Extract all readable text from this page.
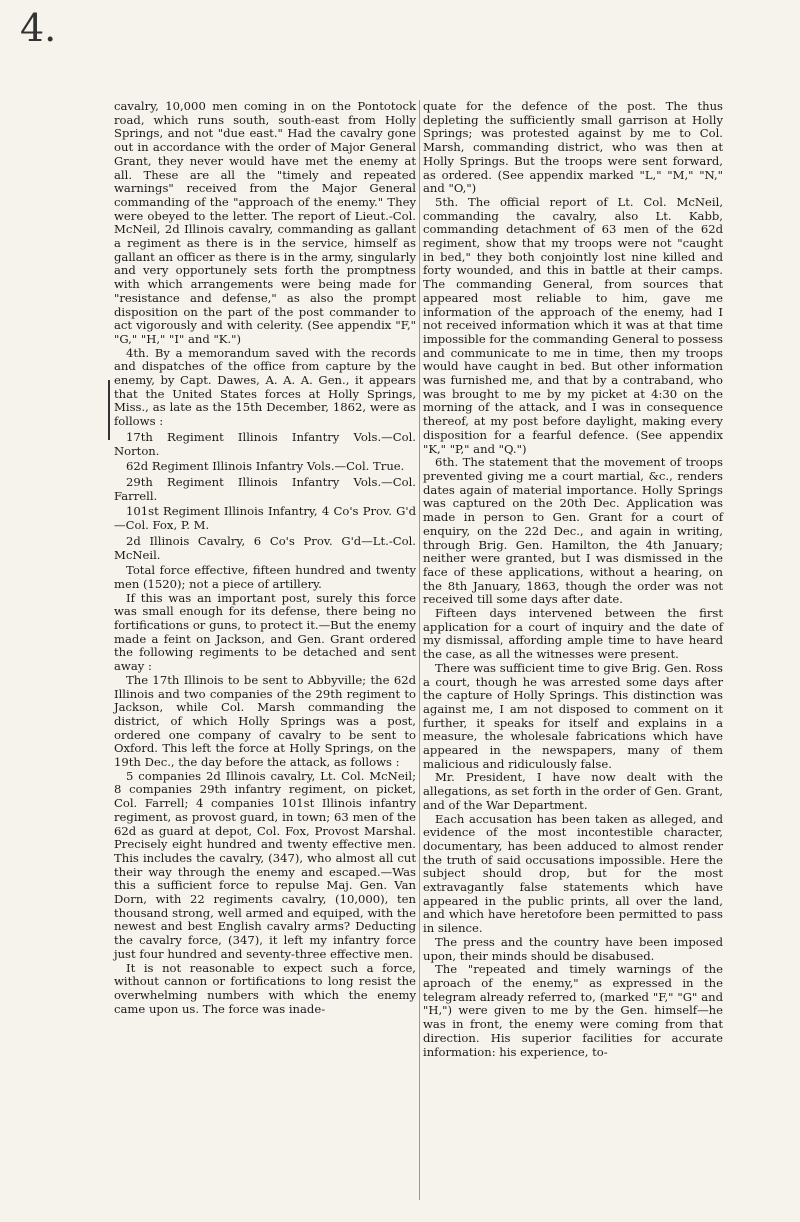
4.

cavalry, 10,000 men coming in on the Pontotock road, which runs south, south-east from Holly Springs, and not "due east." Had the cavalry gone out in accordance with the order of Major General Grant, they never would have met the enemy at all. These are all the "timely and repeated warnings" received from the Major General commanding of the "approach of the enemy." They were obeyed to the letter. The report of Lieut.-Col. McNeil, 2d Illinois cavalry, commanding as gallant a regiment as there is in the service, himself as gallant an officer as there is in the army, singularly and very opportunely sets forth the promptness with which arrangements were being made for "resistance and defense," as also the prompt disposition on the part of the post commander to act vigorously and with celerity. (See appendix "F," "G," "H," "I" and "K.")

4th. By a memorandum saved with the records and dispatches of the office from capture by the enemy, by Capt. Dawes, A. A. A. Gen., it appears that the United States forces at Holly Springs, Miss., as late as the 15th December, 1862, were as follows :

17th Regiment Illinois Infantry Vols.—Col. Norton.

62d Regiment Illinois Infantry Vols.—Col. True.

29th Regiment Illinois Infantry Vols.—Col. Farrell.

101st Regiment Illinois Infantry, 4 Co's Prov. G'd—Col. Fox, P. M.

2d Illinois Cavalry, 6 Co's Prov. G'd—Lt.-Col. McNeil.

Total force effective, fifteen hundred and twenty men (1520); not a piece of artillery.

If this was an important post, surely this force was small enough for its defense, there being no fortifications or guns, to protect it.—But the enemy made a feint on Jackson, and Gen. Grant ordered the following regiments to be detached and sent away :

The 17th Illinois to be sent to Abbyville; the 62d Illinois and two companies of the 29th regiment to Jackson, while Col. Marsh commanding the district, of which Holly Springs was a post, ordered one company of cavalry to be sent to Oxford. This left the force at Holly Springs, on the 19th Dec., the day before the attack, as follows :

5 companies 2d Illinois cavalry, Lt. Col. McNeil; 8 companies 29th infantry regiment, on picket, Col. Farrell; 4 companies 101st Illinois infantry regiment, as provost guard, in town; 63 men of the 62d as guard at depot, Col. Fox, Provost Marshal. Precisely eight hundred and twenty effective men. This includes the cavalry, (347), who almost all cut their way through the enemy and escaped.—Was this a sufficient force to repulse Maj. Gen. Van Dorn, with 22 regiments cavalry, (10,000), ten thousand strong, well armed and equiped, with the newest and best English cavalry arms? Deducting the cavalry force, (347), it left my infantry force just four hundred and seventy-three effective men.

It is not reasonable to expect such a force, without cannon or fortifications to long resist the overwhelming numbers with which the enemy came upon us. The force was inade-

quate for the defence of the post. The thus depleting the sufficiently small garrison at Holly Springs; was protested against by me to Col. Marsh, commanding district, who was then at Holly Springs. But the troops were sent forward, as ordered. (See appendix marked "L," "M," "N," and "O,")

5th. The official report of Lt. Col. McNeil, commanding the cavalry, also Lt. Kabb, commanding detachment of 63 men of the 62d regiment, show that my troops were not "caught in bed," they both conjointly lost nine killed and forty wounded, and this in battle at their camps. The commanding General, from sources that appeared most reliable to him, gave me information of the approach of the enemy, had I not received information which it was at that time impossible for the commanding General to possess and communicate to me in time, then my troops would have caught in bed. But other information was furnished me, and that by a contraband, who was brought to me by my picket at 4:30 on the morning of the attack, and I was in consequence thereof, at my post before daylight, making every disposition for a fearful defence. (See appendix "K," "P," and "Q.")

6th. The statement that the movement of troops prevented giving me a court martial, &c., renders dates again of material importance. Holly Springs was captured on the 20th Dec. Application was made in person to Gen. Grant for a court of enquiry, on the 22d Dec., and again in writing, through Brig. Gen. Hamilton, the 4th January; neither were granted, but I was dismissed in the face of these applications, without a hearing, on the 8th January, 1863, though the order was not received till some days after date.

Fifteen days intervened between the first application for a court of inquiry and the date of my dismissal, affording ample time to have heard the case, as all the witnesses were present.

There was sufficient time to give Brig. Gen. Ross a court, though he was arrested some days after the capture of Holly Springs. This distinction was against me, I am not disposed to comment on it further, it speaks for itself and explains in a measure, the wholesale fabrications which have appeared in the newspapers, many of them malicious and ridiculously false.

Mr. President, I have now dealt with the allegations, as set forth in the order of Gen. Grant, and of the War Department.

Each accusation has been taken as alleged, and evidence of the most incontestible character, documentary, has been adduced to almost render the truth of said occusations impossible. Here the subject should drop, but for the most extravagantly false statements which have appeared in the public prints, all over the land, and which have heretofore been permitted to pass in silence.

The press and the country have been imposed upon, their minds should be disabused.

The "repeated and timely warnings of the aproach of the enemy," as expressed in the telegram already referred to, (marked "F," "G" and "H,") were given to me by the Gen. himself—he was in front, the enemy were coming from that direction. His superior facilities for accurate information: his experience, to-
